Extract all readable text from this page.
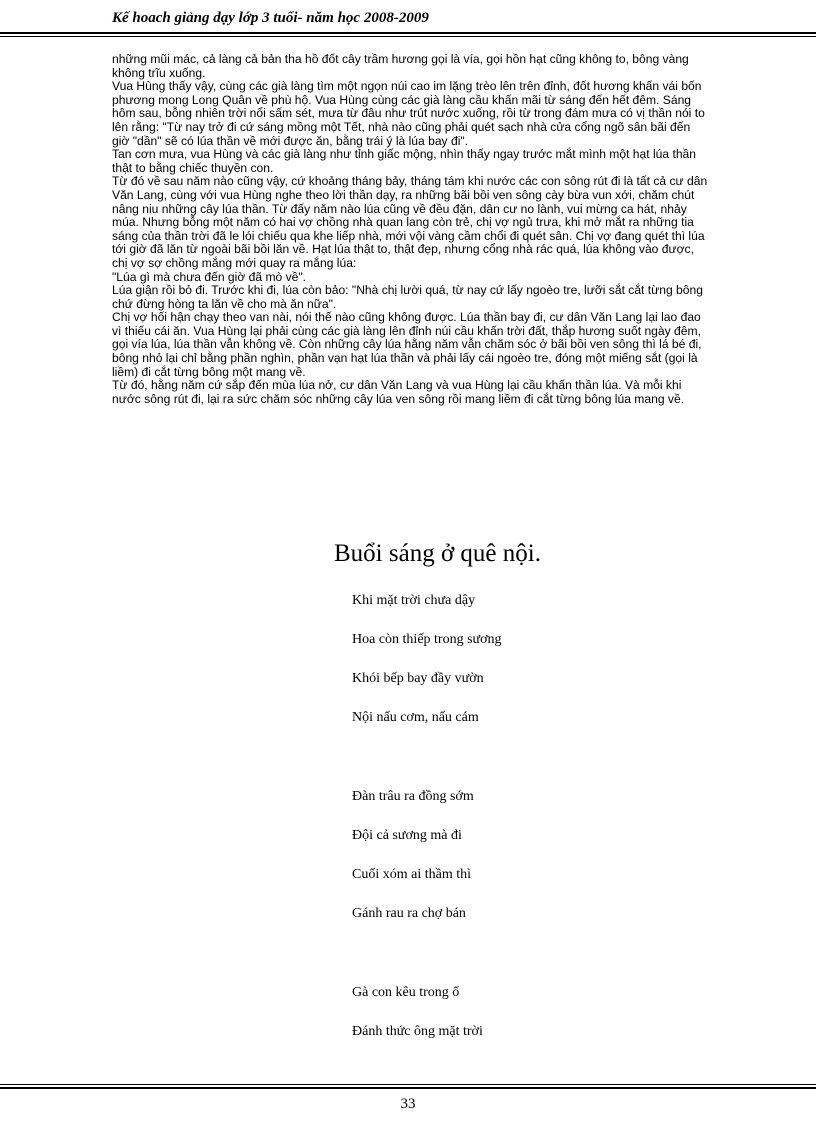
Kế hoach giảng dạy lớp 3 tuổi- năm học 2008-2009

những mũi mác, cả làng cả bản tha hồ đốt cây trầm hương gọi là vía, gọi hồn hạt cũng không to, bông vàng không trĩu xuống.

Vua Hùng thấy vậy, cùng các già làng tìm một ngọn núi cao im lặng trèo lên trên đỉnh, đốt hương khấn vái bốn phương mong Long Quân về phù hộ. Vua Hùng cùng các già làng cầu khấn mãi từ sáng đến hết đêm. Sáng hôm sau, bỗng nhiên trời nổi sấm sét, mưa từ đâu như trút nước xuống, rồi từ trong đám mưa có vị thần nói to lên rằng: "Từ nay trở đi cứ sáng mồng một Tết, nhà nào cũng phải quét sạch nhà cửa cổng ngõ sân bãi đến giờ "dần" sẽ có lúa thần về mới được ăn, bằng trái ý là lúa bay đi".

Tan cơn mưa, vua Hùng và các già làng như tỉnh giấc mộng, nhìn thấy ngay trước mắt mình một hạt lúa thần thật to bằng chiếc thuyền con.

Từ đó về sau năm nào cũng vậy, cứ khoảng tháng bảy, tháng tám khi nước các con sông rút đi là tất cả cư dân Văn Lang, cùng với vua Hùng nghe theo lời thần dạy, ra những bãi bồi ven sông cày bừa vun xới, chăm chút nâng niu những cây lúa thần. Từ đấy năm nào lúa cũng về đều đặn, dân cư no lành, vui mừng ca hát, nhảy múa. Nhưng bỗng một năm có hai vợ chồng nhà quan lang còn trẻ, chị vợ ngủ trưa, khi mở mắt ra những tia sáng của thần trời đã le lói chiếu qua khe liếp nhà, mới vội vàng cầm chổi đi quét sân. Chị vợ đang quét thì lúa tới giờ đã lăn từ ngoài bãi bồi lăn về. Hạt lúa thật to, thật đẹp, nhưng cổng nhà rác quá, lúa không vào được, chị vợ sợ chồng mắng mới quay ra mắng lúa:

"Lúa gì mà chưa đến giờ đã mò về".

Lúa giận rồi bỏ đi. Trước khi đi, lúa còn bảo: "Nhà chị lười quá, từ nay cứ lấy ngoèo tre, lưỡi sắt cắt từng bông chứ đừng hòng ta lăn về cho mà ăn nữa".

Chị vợ hối hận chạy theo van nài, nói thế nào cũng không được. Lúa thần bay đi, cư dân Văn Lang lại lao đao vì thiếu cái ăn. Vua Hùng lại phải cùng các già làng lên đỉnh núi cầu khấn trời đất, thắp hương suốt ngày đêm, gọi vía lúa, lúa thần vẫn không về. Còn những cây lúa hằng năm vẫn chăm sóc ở bãi bồi ven sông thì lá bé đi, bông nhỏ lại chỉ bằng phần nghìn, phần vạn hạt lúa thần và phải lấy cái ngoèo tre, đóng một miếng sắt (gọi là liềm) đi cắt từng bông một mang về.

Từ đó, hằng năm cứ sắp đến mùa lúa nở, cư dân Văn Lang và vua Hùng lại cầu khấn thần lúa. Và mỗi khi nước sông rút đi, lại ra sức chăm sóc những cây lúa ven sông rồi mang liềm đi cắt từng bông lúa mang về.

Buổi sáng ở quê nội.
Khi mặt trời chưa dậy
Hoa còn thiếp trong sương
Khói bếp bay đầy vườn
Nội nấu cơm, nấu cám
Đàn trâu ra đồng sớm
Đội cả sương mà đi
Cuối xóm ai thầm thì
Gánh rau ra chợ bán
Gà con kêu trong ổ
Đánh thức ông mặt trời
33
